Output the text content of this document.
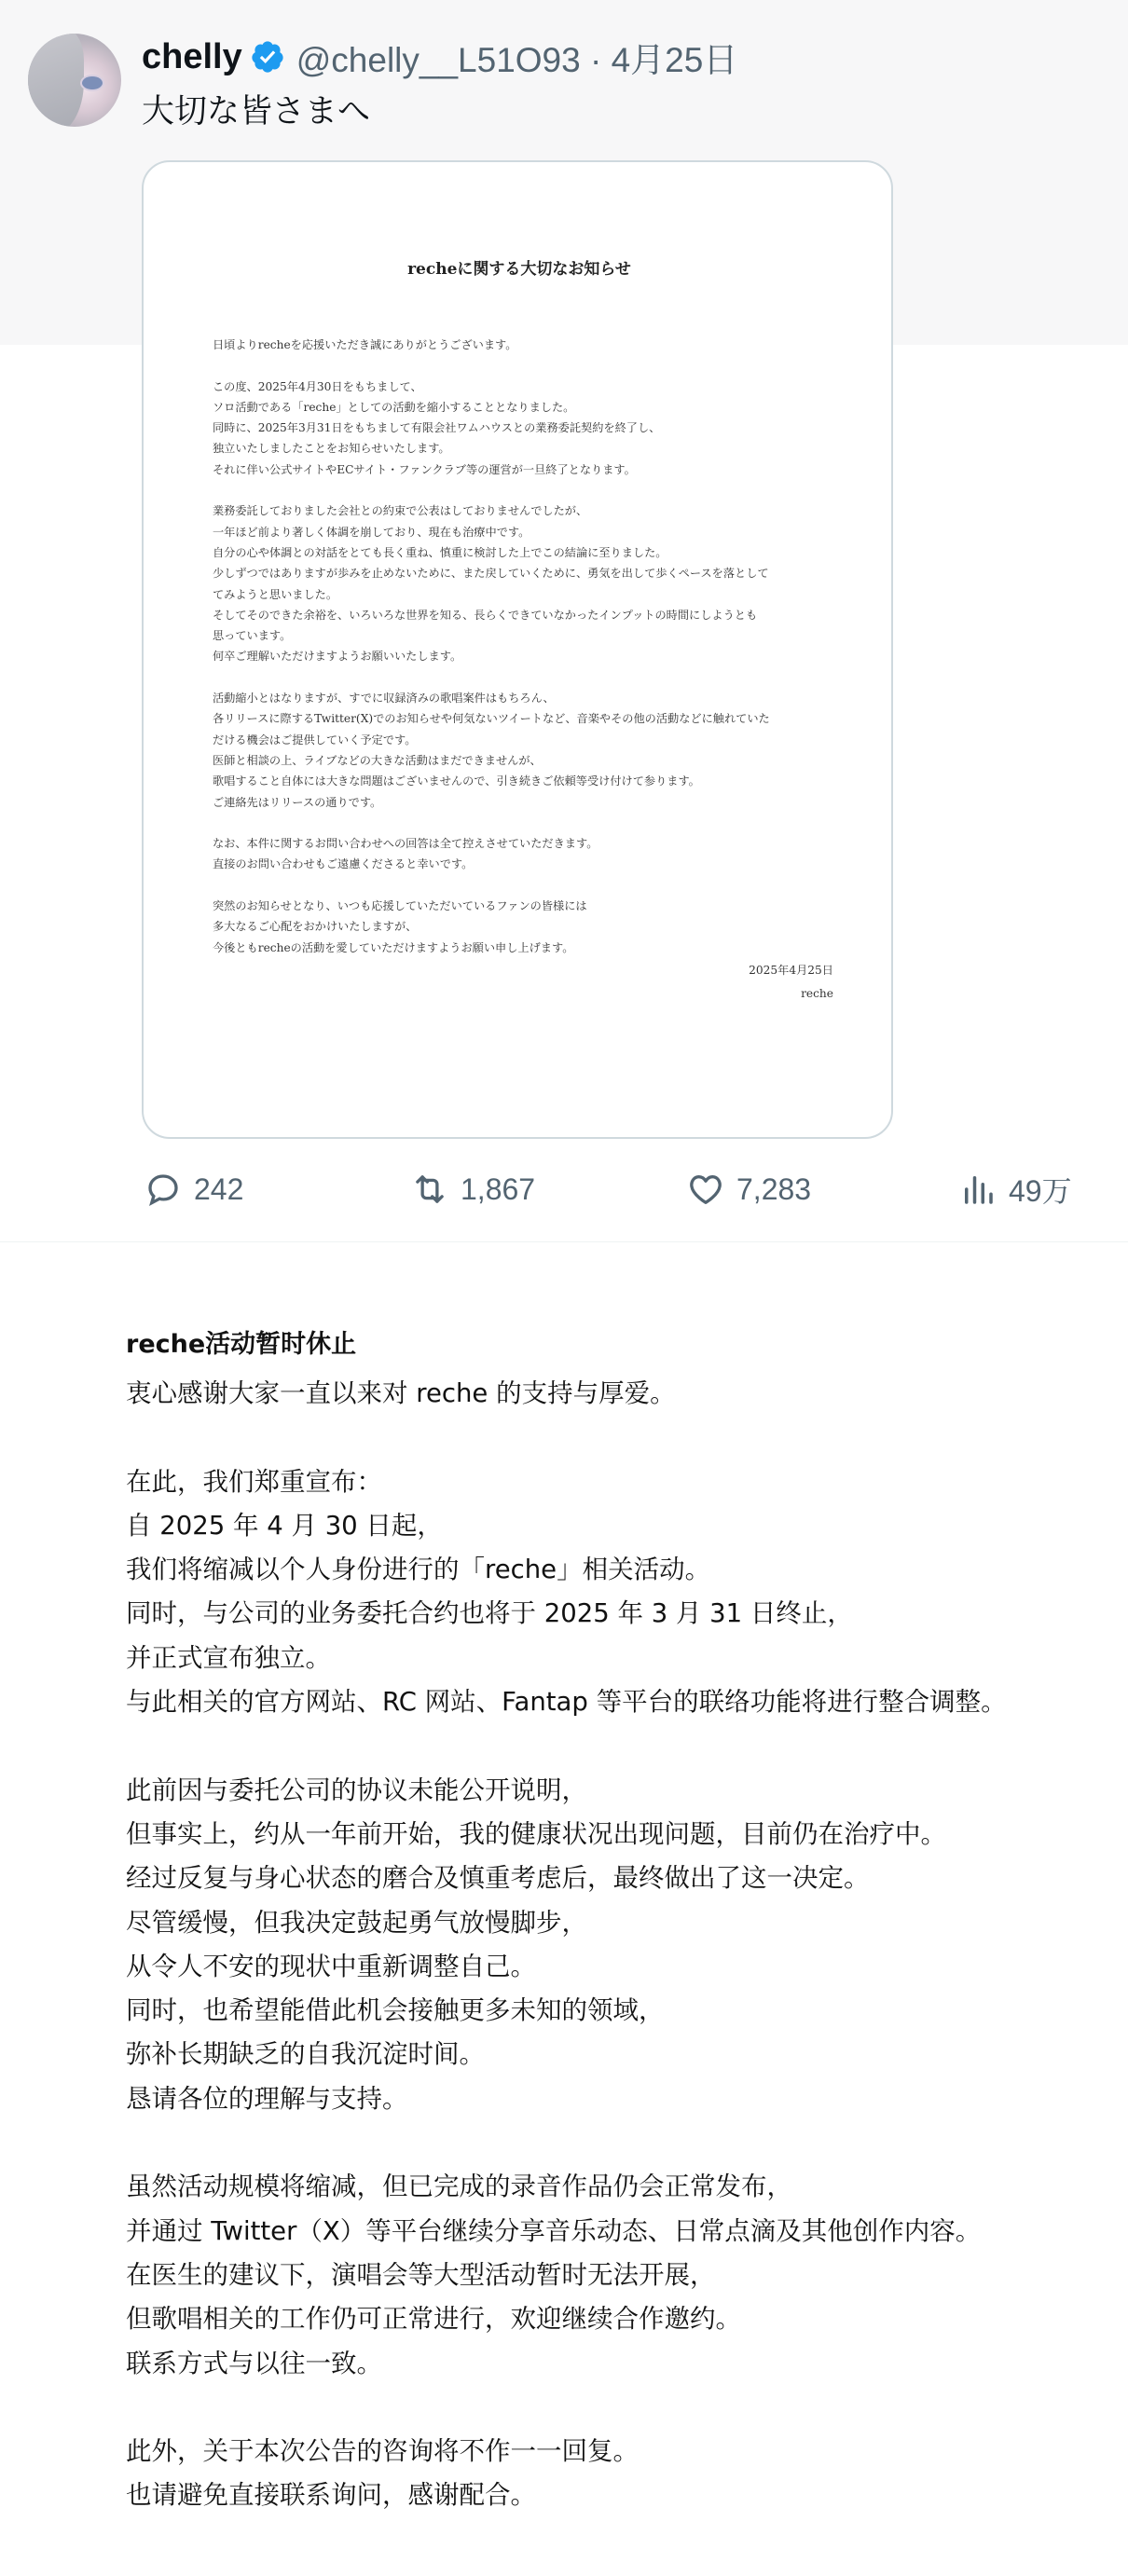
chelly @chelly__L51O93 · 4月25日
大切な皆さまへ
recheに関する大切なお知らせ
日頃よりrecheを応援いただき誠にありがとうございます。
この度、2025年4月30日をもちまして、
ソロ活動である「reche」としての活動を縮小することとなりました。
同時に、2025年3月31日をもちまして有限会社ワムハウスとの業務委託契約を終了し、
独立いたしましたことをお知らせいたします。
それに伴い公式サイトやECサイト・ファンクラブ等の運営が一旦終了となります。
業務委託しておりました会社との約束で公表はしておりませんでしたが、
一年ほど前より著しく体調を崩しており、現在も治療中です。
自分の心や体調との対話をとても長く重ね、慎重に検討した上でこの結論に至りました。
少しずつではありますが歩みを止めないために、また戻していくために、勇気を出して歩くペースを落として
てみようと思いました。
そしてそのできた余裕を、いろいろな世界を知る、長らくできていなかったインプットの時間にしようとも
思っています。
何卒ご理解いただけますようお願いいたします。
活動縮小とはなりますが、すでに収録済みの歌唱案件はもちろん、
各リリースに際するTwitter(X)でのお知らせや何気ないツイートなど、音楽やその他の活動などに触れていた
だける機会はご提供していく予定です。
医師と相談の上、ライブなどの大きな活動はまだできませんが、
歌唱すること自体には大きな問題はございませんので、引き続きご依頼等受け付けて参ります。
ご連絡先はリリースの通りです。
なお、本件に関するお問い合わせへの回答は全て控えさせていただきます。
直接のお問い合わせもご遠慮くださると幸いです。
突然のお知らせとなり、いつも応援していただいているファンの皆様には
多大なるご心配をおかけいたしますが、
今後ともrecheの活動を愛していただけますようお願い申し上げます。
2025年4月25日
reche
242	1,867	7,283	49万
reche活动暂时休止
衷心感谢大家一直以来对 reche 的支持与厚爱。
在此，我们郑重宣布：
自 2025 年 4 月 30 日起，
我们将缩减以个人身份进行的「reche」相关活动。
同时，与公司的业务委托合约也将于 2025 年 3 月 31 日终止，
并正式宣布独立。
与此相关的官方网站、RC 网站、Fantap 等平台的联络功能将进行整合调整。
此前因与委托公司的协议未能公开说明，
但事实上，约从一年前开始，我的健康状况出现问题，目前仍在治疗中。
经过反复与身心状态的磨合及慎重考虑后，最终做出了这一决定。
尽管缓慢，但我决定鼓起勇气放慢脚步，
从令人不安的现状中重新调整自己。
同时，也希望能借此机会接触更多未知的领域，
弥补长期缺乏的自我沉淀时间。
恳请各位的理解与支持。
虽然活动规模将缩减，但已完成的录音作品仍会正常发布，
并通过 Twitter（X）等平台继续分享音乐动态、日常点滴及其他创作内容。
在医生的建议下，演唱会等大型活动暂时无法开展，
但歌唱相关的工作仍可正常进行，欢迎继续合作邀约。
联系方式与以往一致。
此外，关于本次公告的咨询将不作一一回复。
也请避免直接联系询问，感谢配合。
